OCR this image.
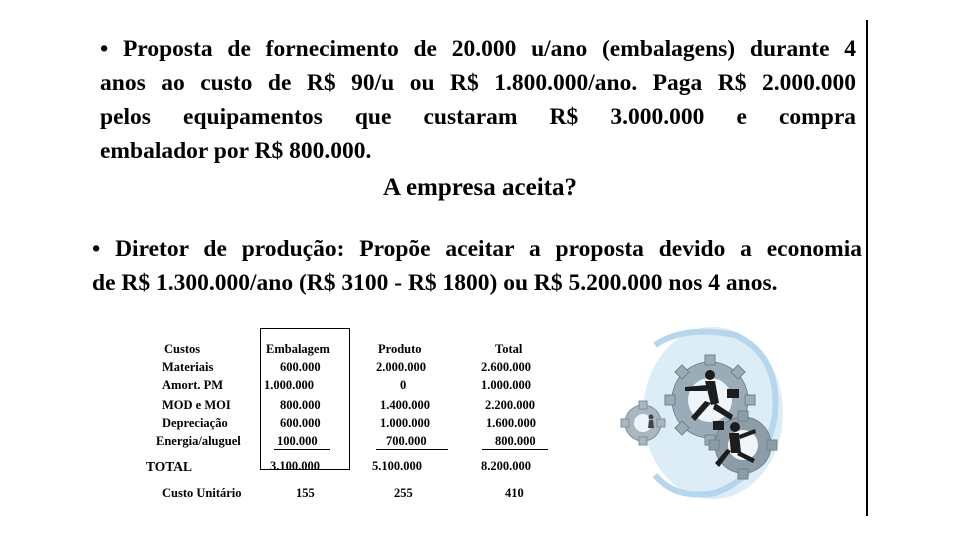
• Proposta de fornecimento de 20.000 u/ano (embalagens) durante 4
anos ao custo de R$ 90/u ou R$ 1.800.000/ano. Paga R$ 2.000.000
pelos equipamentos que custaram R$ 3.000.000 e compra
embalador por R$ 800.000.
A empresa aceita?
• Diretor de produção: Propõe aceitar a proposta devido a economia
de R$ 1.300.000/ano (R$ 3100 - R$ 1800) ou R$ 5.200.000 nos 4 anos.
Custos	Embalagem	Produto	Total
Materiais	600.000	2.000.000	2.600.000
Amort. PM	1.000.000	0	1.000.000
MOD e MOI	800.000	1.400.000	2.200.000
Depreciação	600.000	1.000.000	1.600.000
Energia/aluguel	100.000	700.000	800.000
TOTAL	3.100.000	5.100.000	8.200.000
Custo Unitário	155	255	410
